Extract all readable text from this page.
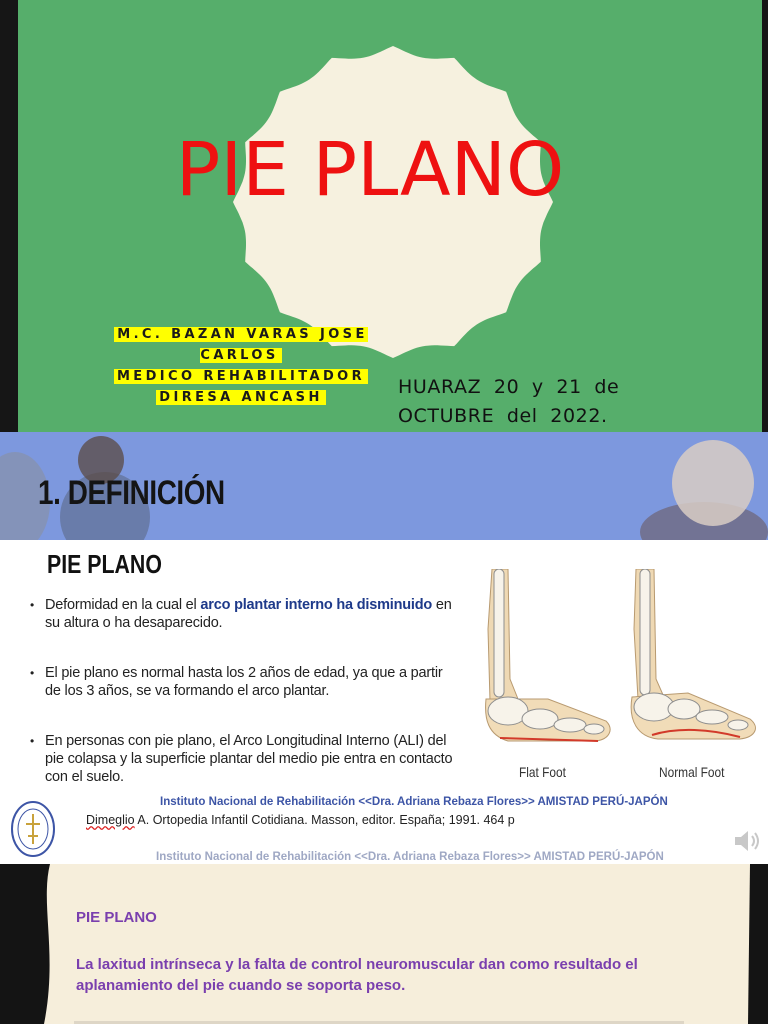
PIE PLANO
M.C. BAZAN VARAS JOSE CARLOS
MEDICO REHABILITADOR
DIRESA ANCASH	HUARAZ 20 y 21 de
OCTUBRE del 2022.
1. DEFINICIÓN
PIE PLANO
• Deformidad en la cual el arco plantar interno ha disminuido en su altura o ha desaparecido.
• El pie plano es normal hasta los 2 años de edad, ya que a partir de los 3 años, se va formando el arco plantar.
• En personas con pie plano, el Arco Longitudinal Interno (ALI) del pie colapsa y la superficie plantar del medio pie entra en contacto con el suelo.	Flat Foot	Normal Foot
Instituto Nacional de Rehabilitación <<Dra. Adriana Rebaza Flores>> AMISTAD PERÚ-JAPÓN
Dimeglio A. Ortopedia Infantil Cotidiana. Masson, editor. España; 1991. 464 p
Instituto Nacional de Rehabilitación <<Dra. Adriana Rebaza Flores>> AMISTAD PERÚ-JAPÓN
PIE PLANO
La laxitud intrínseca y la falta de control neuromuscular dan como resultado el aplanamiento del pie cuando se soporta peso.
